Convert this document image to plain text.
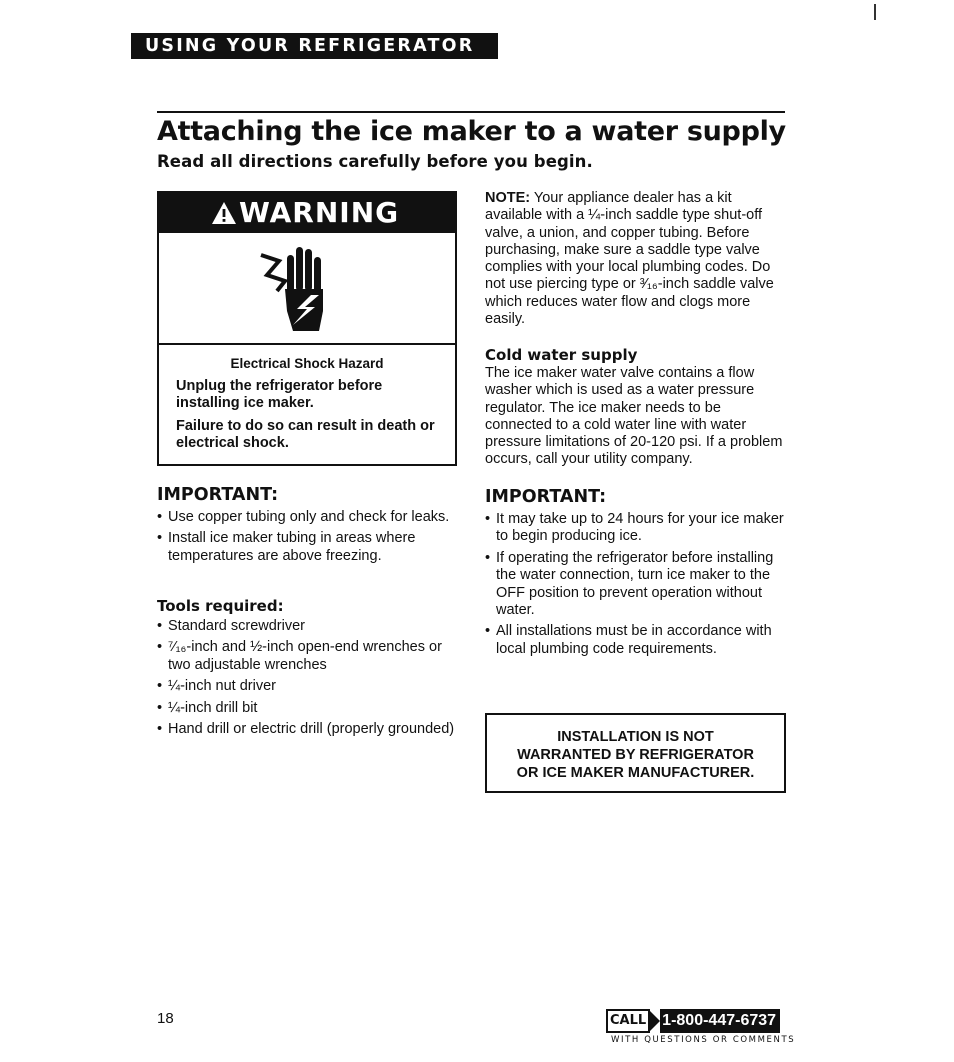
USING YOUR REFRIGERATOR
Attaching the ice maker to a water supply
Read all directions carefully before you begin.
WARNING
Electrical Shock Hazard
Unplug the refrigerator before installing ice maker.
Failure to do so can result in death or electrical shock.
IMPORTANT:
• Use copper tubing only and check for leaks.
• Install ice maker tubing in areas where temperatures are above freezing.
Tools required:
• Standard screwdriver
• ⁷⁄₁₆-inch and ½-inch open-end wrenches or two adjustable wrenches
• ¼-inch nut driver
• ¼-inch drill bit
• Hand drill or electric drill (properly grounded)
NOTE: Your appliance dealer has a kit available with a ¼-inch saddle type shut-off valve, a union, and copper tubing. Before purchasing, make sure a saddle type valve complies with your local plumbing codes. Do not use piercing type or ³⁄₁₆-inch saddle valve which reduces water flow and clogs more easily.
Cold water supply
The ice maker water valve contains a flow washer which is used as a water pressure regulator. The ice maker needs to be connected to a cold water line with water pressure limitations of 20-120 psi. If a problem occurs, call your utility company.
IMPORTANT:
• It may take up to 24 hours for your ice maker to begin producing ice.
• If operating the refrigerator before installing the water connection, turn ice maker to the OFF position to prevent operation without water.
• All installations must be in accordance with local plumbing code requirements.
INSTALLATION IS NOT
WARRANTED BY REFRIGERATOR
OR ICE MAKER MANUFACTURER.
18	CALL 1-800-447-6737
WITH QUESTIONS OR COMMENTS
